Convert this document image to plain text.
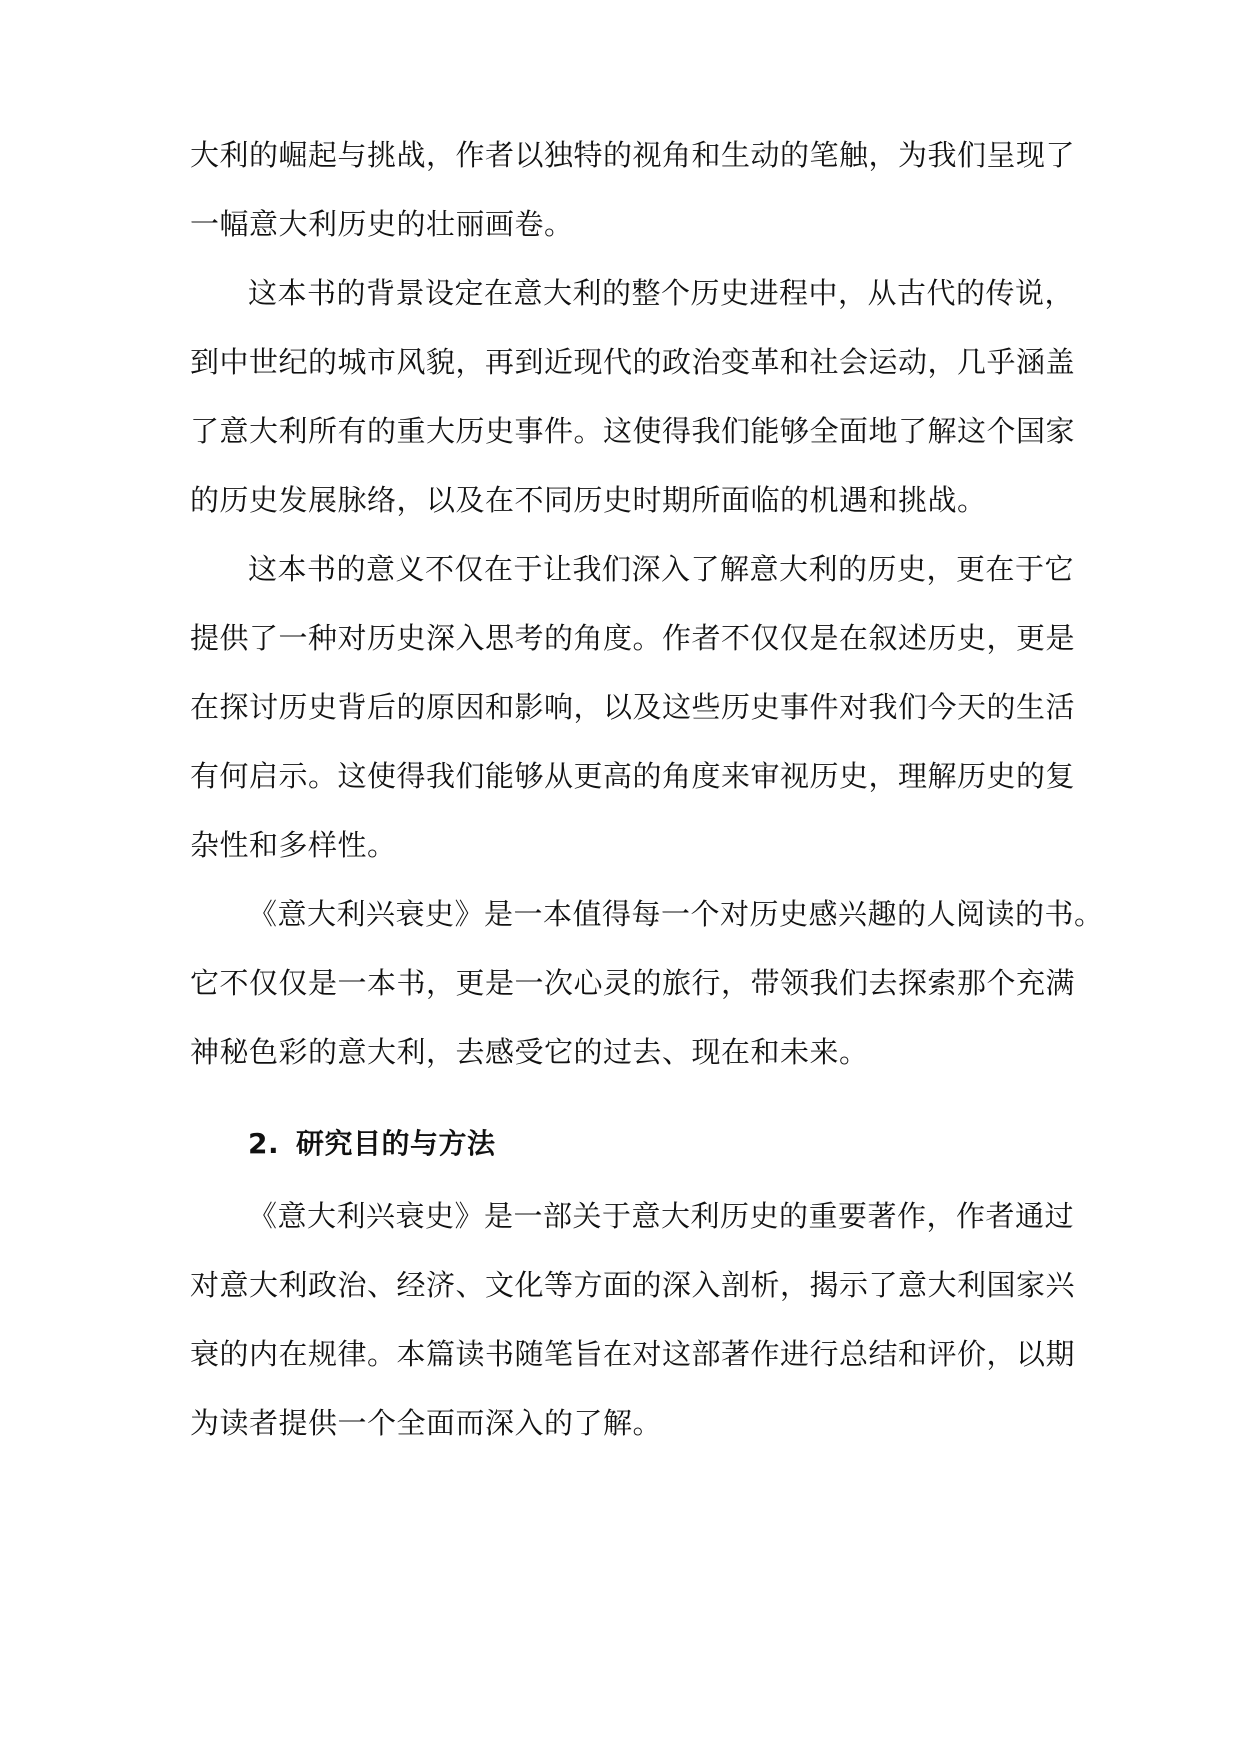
大利的崛起与挑战，作者以独特的视角和生动的笔触，为我们呈现了
一幅意大利历史的壮丽画卷。
这本书的背景设定在意大利的整个历史进程中，从古代的传说，
到中世纪的城市风貌，再到近现代的政治变革和社会运动，几乎涵盖
了意大利所有的重大历史事件。这使得我们能够全面地了解这个国家
的历史发展脉络，以及在不同历史时期所面临的机遇和挑战。
这本书的意义不仅在于让我们深入了解意大利的历史，更在于它
提供了一种对历史深入思考的角度。作者不仅仅是在叙述历史，更是
在探讨历史背后的原因和影响，以及这些历史事件对我们今天的生活
有何启示。这使得我们能够从更高的角度来审视历史，理解历史的复
杂性和多样性。
《意大利兴衰史》是一本值得每一个对历史感兴趣的人阅读的书。
它不仅仅是一本书，更是一次心灵的旅行，带领我们去探索那个充满
神秘色彩的意大利，去感受它的过去、现在和未来。
2. 研究目的与方法
《意大利兴衰史》是一部关于意大利历史的重要著作，作者通过
对意大利政治、经济、文化等方面的深入剖析，揭示了意大利国家兴
衰的内在规律。本篇读书随笔旨在对这部著作进行总结和评价，以期
为读者提供一个全面而深入的了解。
